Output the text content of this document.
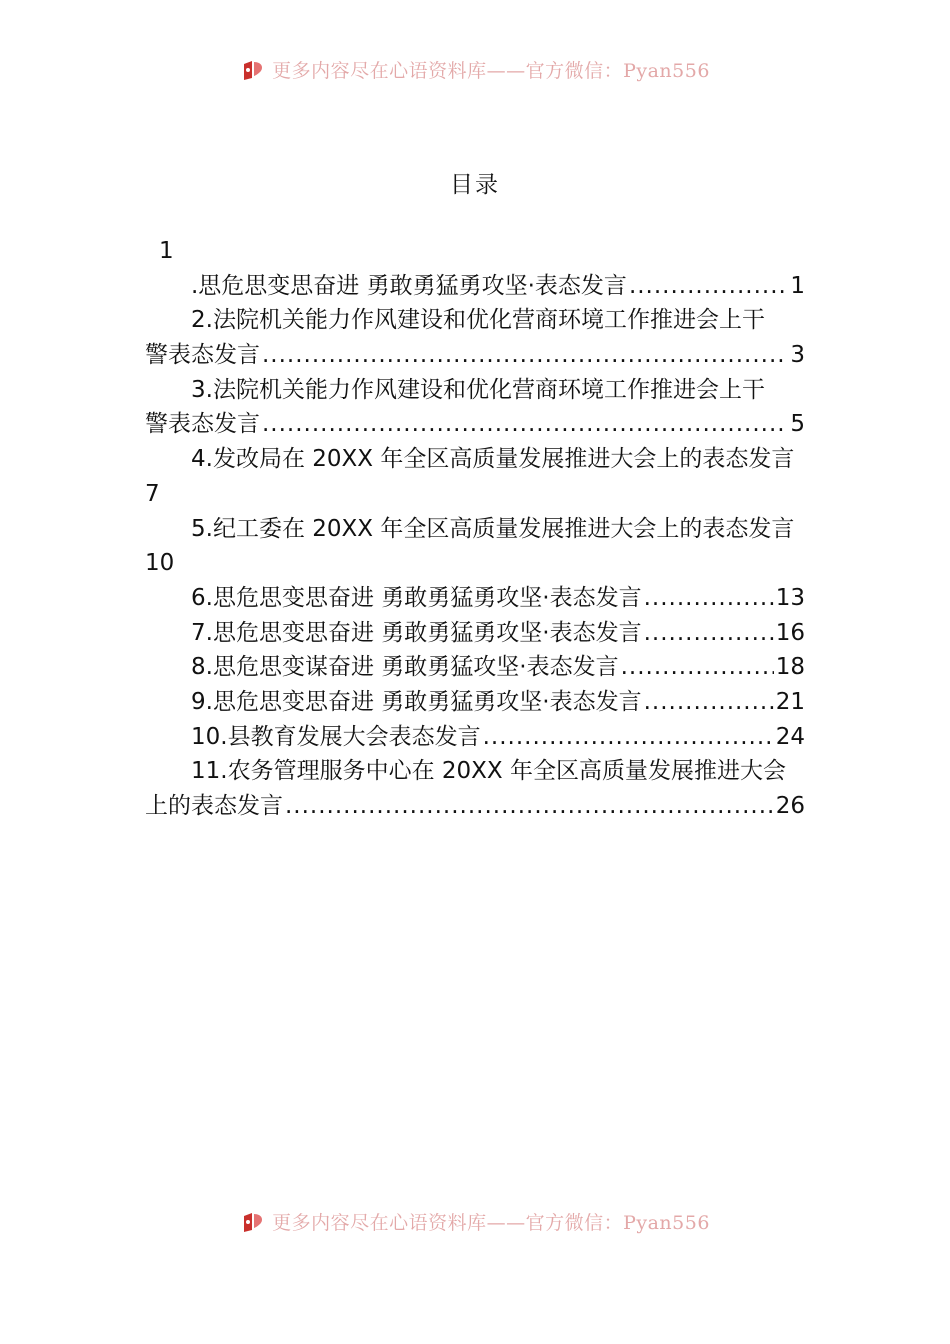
更多内容尽在心语资料库——官方微信：Pyan556
目录
1
.思危思变思奋进 勇敢勇猛勇攻坚·表态发言 .....	1
2.法院机关能力作风建设和优化营商环境工作推进会上干
警表态发言 .....	3
3.法院机关能力作风建设和优化营商环境工作推进会上干
警表态发言 .....	5
4.发改局在 20XX 年全区高质量发展推进大会上的表态发言
7
5.纪工委在 20XX 年全区高质量发展推进大会上的表态发言
10
6.思危思变思奋进 勇敢勇猛勇攻坚·表态发言 .....	13
7.思危思变思奋进 勇敢勇猛勇攻坚·表态发言 .....	16
8.思危思变谋奋进 勇敢勇猛攻坚·表态发言 .....	18
9.思危思变思奋进 勇敢勇猛勇攻坚·表态发言 .....	21
10.县教育发展大会表态发言 .....	24
11.农务管理服务中心在 20XX 年全区高质量发展推进大会
上的表态发言 .....	26
更多内容尽在心语资料库——官方微信：Pyan556
